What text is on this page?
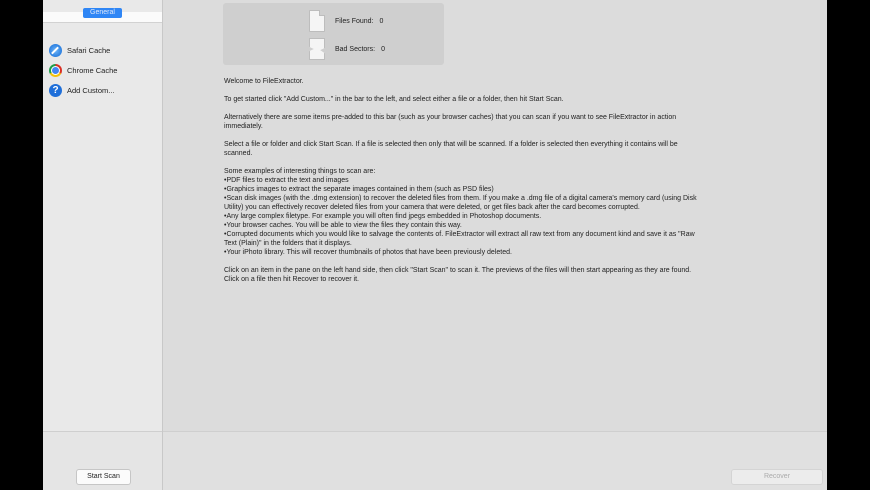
General
Safari Cache
Chrome Cache
?	Add Custom...
Start Scan
Files Found: 0
Bad Sectors: 0

Welcome to FileExtractor.

To get started click "Add Custom..." in the bar to the left, and select either a file or a folder, then hit Start Scan.

Alternatively there are some items pre-added to this bar (such as your browser caches) that you can scan if you want to see FileExtractor in action immediately.

Select a file or folder and click Start Scan. If a file is selected then only that will be scanned. If a folder is selected then everything it contains will be scanned.

Some examples of interesting things to scan are:
• PDF files to extract the text and images
• Graphics images to extract the separate images contained in them (such as PSD files)
• Scan disk images (with the .dmg extension) to recover the deleted files from them. If you make a .dmg file of a digital camera's memory card (using Disk Utility) you can effectively recover deleted files from your camera that were deleted, or get files back after the card becomes corrupted.
• Any large complex filetype. For example you will often find jpegs embedded in Photoshop documents.
• Your browser caches. You will be able to view the files they contain this way.
• Corrupted documents which you would like to salvage the contents of. FileExtractor will extract all raw text from any document kind and save it as "Raw Text (Plain)" in the folders that it displays.
• Your iPhoto library. This will recover thumbnails of photos that have been previously deleted.

Click on an item in the pane on the left hand side, then click "Start Scan" to scan it. The previews of the files will then start appearing as they are found. Click on a file then hit Recover to recover it.

Recover
